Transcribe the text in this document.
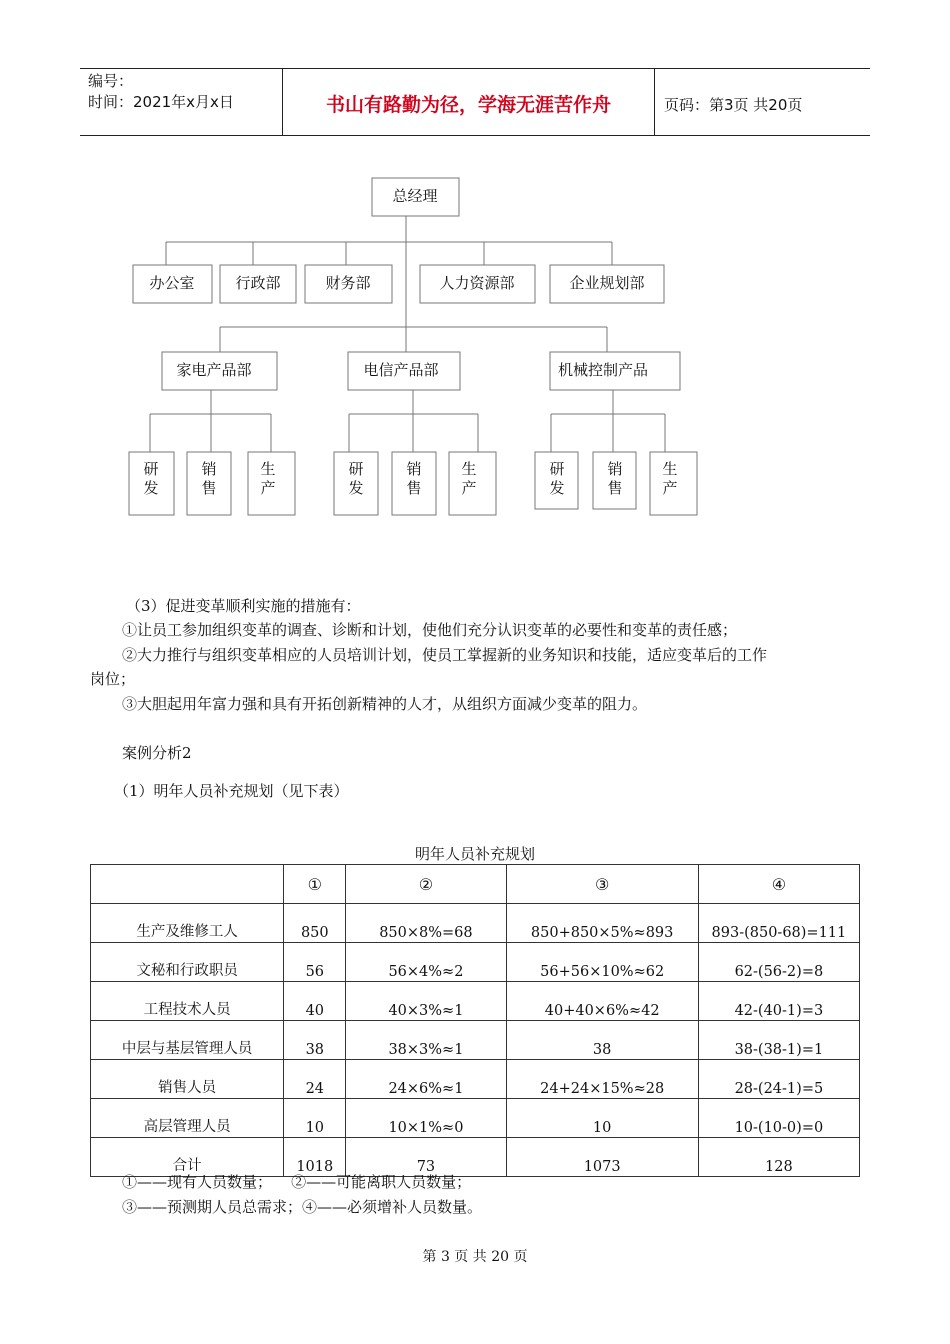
编号：
时间：2021年x月x日	书山有路勤为径，学海无涯苦作舟	页码：第3页 共20页
总经理
办公室	行政部	财务部	人力资源部	企业规划部
家电产品部	电信产品部	机械控制产品
研
发
销
售
生
产
研
发
销
售
生
产
研
发
销
售
生
产
（3）促进变革顺利实施的措施有：
①让员工参加组织变革的调查、诊断和计划，使他们充分认识变革的必要性和变革的责任感；
②大力推行与组织变革相应的人员培训计划，使员工掌握新的业务知识和技能，适应变革后的工作
岗位；
③大胆起用年富力强和具有开拓创新精神的人才，从组织方面减少变革的阻力。
案例分析2
（1）明年人员补充规划（见下表）
明年人员补充规划
	①	②	③	④
生产及维修工人	850	850×8%=68	850+850×5%≈893	893-(850-68)=111
文秘和行政职员	56	56×4%≈2	56+56×10%≈62	62-(56-2)=8
工程技术人员	40	40×3%≈1	40+40×6%≈42	42-(40-1)=3
中层与基层管理人员	38	38×3%≈1	38	38-(38-1)=1
销售人员	24	24×6%≈1	24+24×15%≈28	28-(24-1)=5
高层管理人员	10	10×1%≈0	10	10-(10-0)=0
合计	1018	73	1073	128
①——现有人员数量；    ②——可能离职人员数量；
③——预测期人员总需求；④——必须增补人员数量。
第 3 页 共 20 页
